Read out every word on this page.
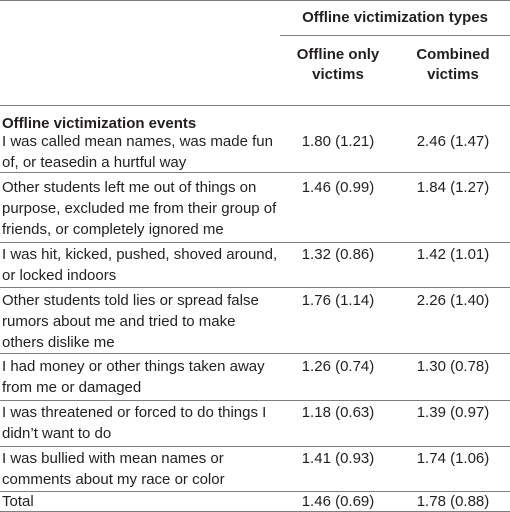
Offline victimization types
Offline only
victims
Combined
victims
Offline victimization events
I was called mean names, was made fun
of, or teasedin a hurtful way
1.80 (1.21)	2.46 (1.47)
Other students left me out of things on
purpose, excluded me from their group of
friends, or completely ignored me
1.46 (0.99)	1.84 (1.27)
I was hit, kicked, pushed, shoved around,
or locked indoors
1.32 (0.86)	1.42 (1.01)
Other students told lies or spread false
rumors about me and tried to make
others dislike me
1.76 (1.14)	2.26 (1.40)
I had money or other things taken away
from me or damaged
1.26 (0.74)	1.30 (0.78)
I was threatened or forced to do things I
didn’t want to do
1.18 (0.63)	1.39 (0.97)
I was bullied with mean names or
comments about my race or color
1.41 (0.93)	1.74 (1.06)
Total	1.46 (0.69)	1.78 (0.88)
